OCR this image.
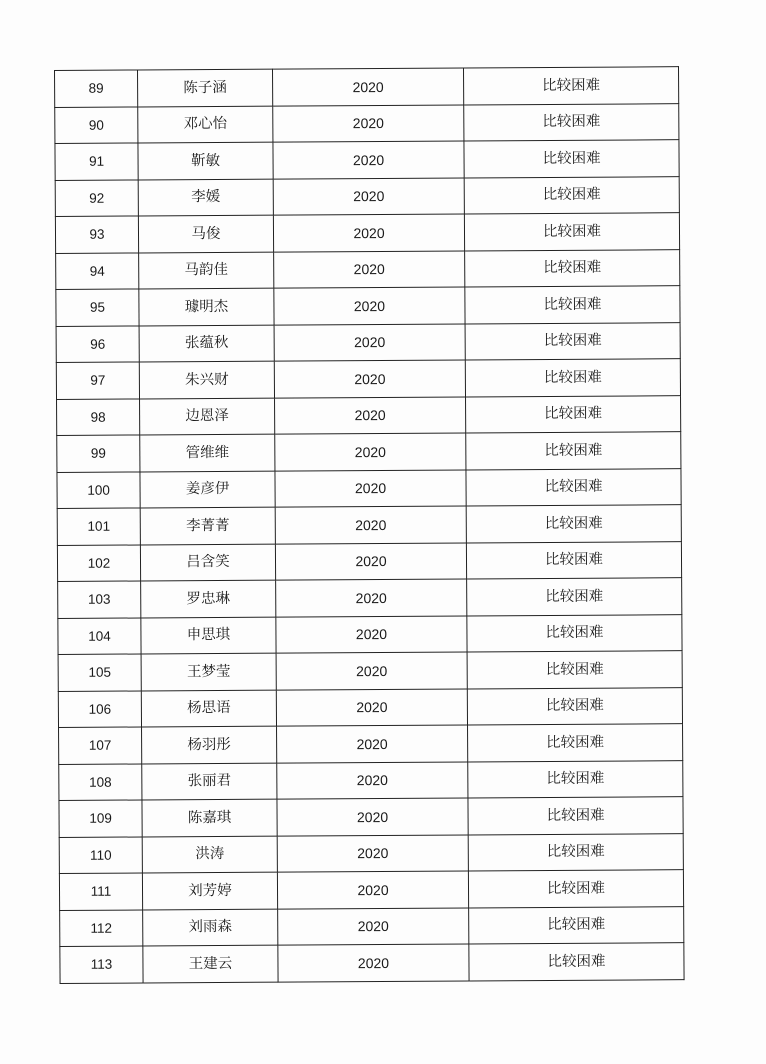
89	陈子涵	2020	比较困难
90	邓心怡	2020	比较困难
91	靳敏	2020	比较困难
92	李媛	2020	比较困难
93	马俊	2020	比较困难
94	马韵佳	2020	比较困难
95	璩明杰	2020	比较困难
96	张蕴秋	2020	比较困难
97	朱兴财	2020	比较困难
98	边恩泽	2020	比较困难
99	管维维	2020	比较困难
100	姜彦伊	2020	比较困难
101	李菁菁	2020	比较困难
102	吕含笑	2020	比较困难
103	罗忠琳	2020	比较困难
104	申思琪	2020	比较困难
105	王梦莹	2020	比较困难
106	杨思语	2020	比较困难
107	杨羽彤	2020	比较困难
108	张丽君	2020	比较困难
109	陈嘉琪	2020	比较困难
110	洪涛	2020	比较困难
111	刘芳婷	2020	比较困难
112	刘雨森	2020	比较困难
113	王建云	2020	比较困难
